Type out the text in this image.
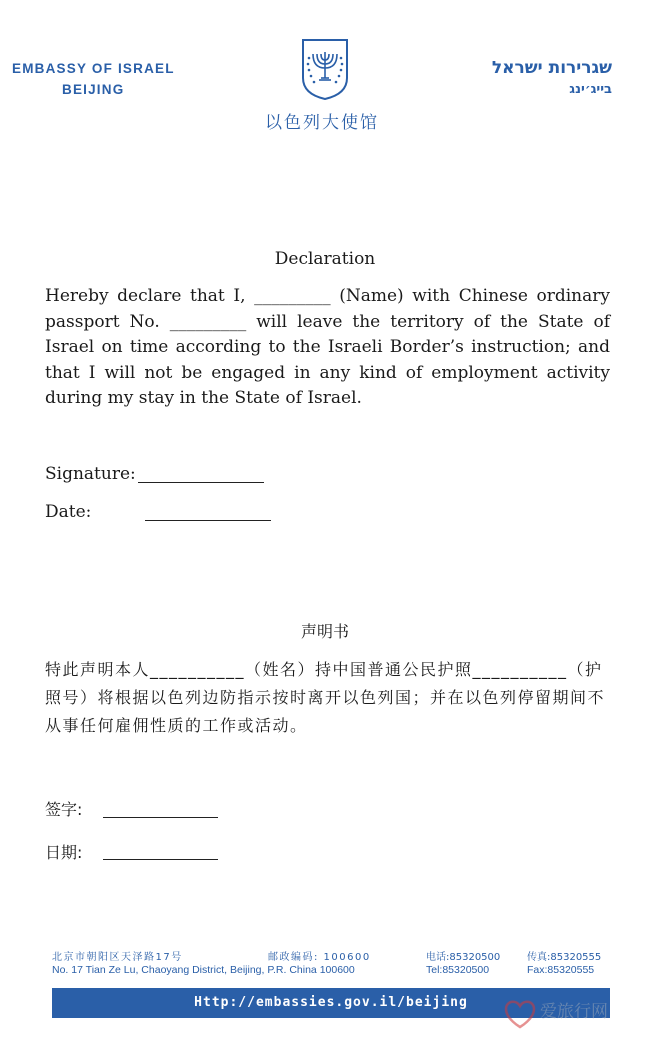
EMBASSY OF ISRAEL
BEIJING
以色列大使馆
שגרירות ישראל
בייג׳ינג
Declaration
Hereby declare that I, _________ (Name) with Chinese ordinary passport No. _________ will leave the territory of the State of Israel on time according to the Israeli Border’s instruction; and that I will not be engaged in any kind of employment activity during my stay in the State of Israel.
Signature:
Date:
声明书
特此声明本人__________（姓名）持中国普通公民护照__________（护照号）将根据以色列边防指示按时离开以色列国；并在以色列停留期间不从事任何雇佣性质的工作或活动。
签字:
日期:
北京市朝阳区天泽路17号	邮政编码: 100600	电话:85320500	传真:85320555
No. 17 Tian Ze Lu, Chaoyang District, Beijing, P.R. China 100600	Tel:85320500	Fax:85320555
Http://embassies.gov.il/beijing	爱旅行网
